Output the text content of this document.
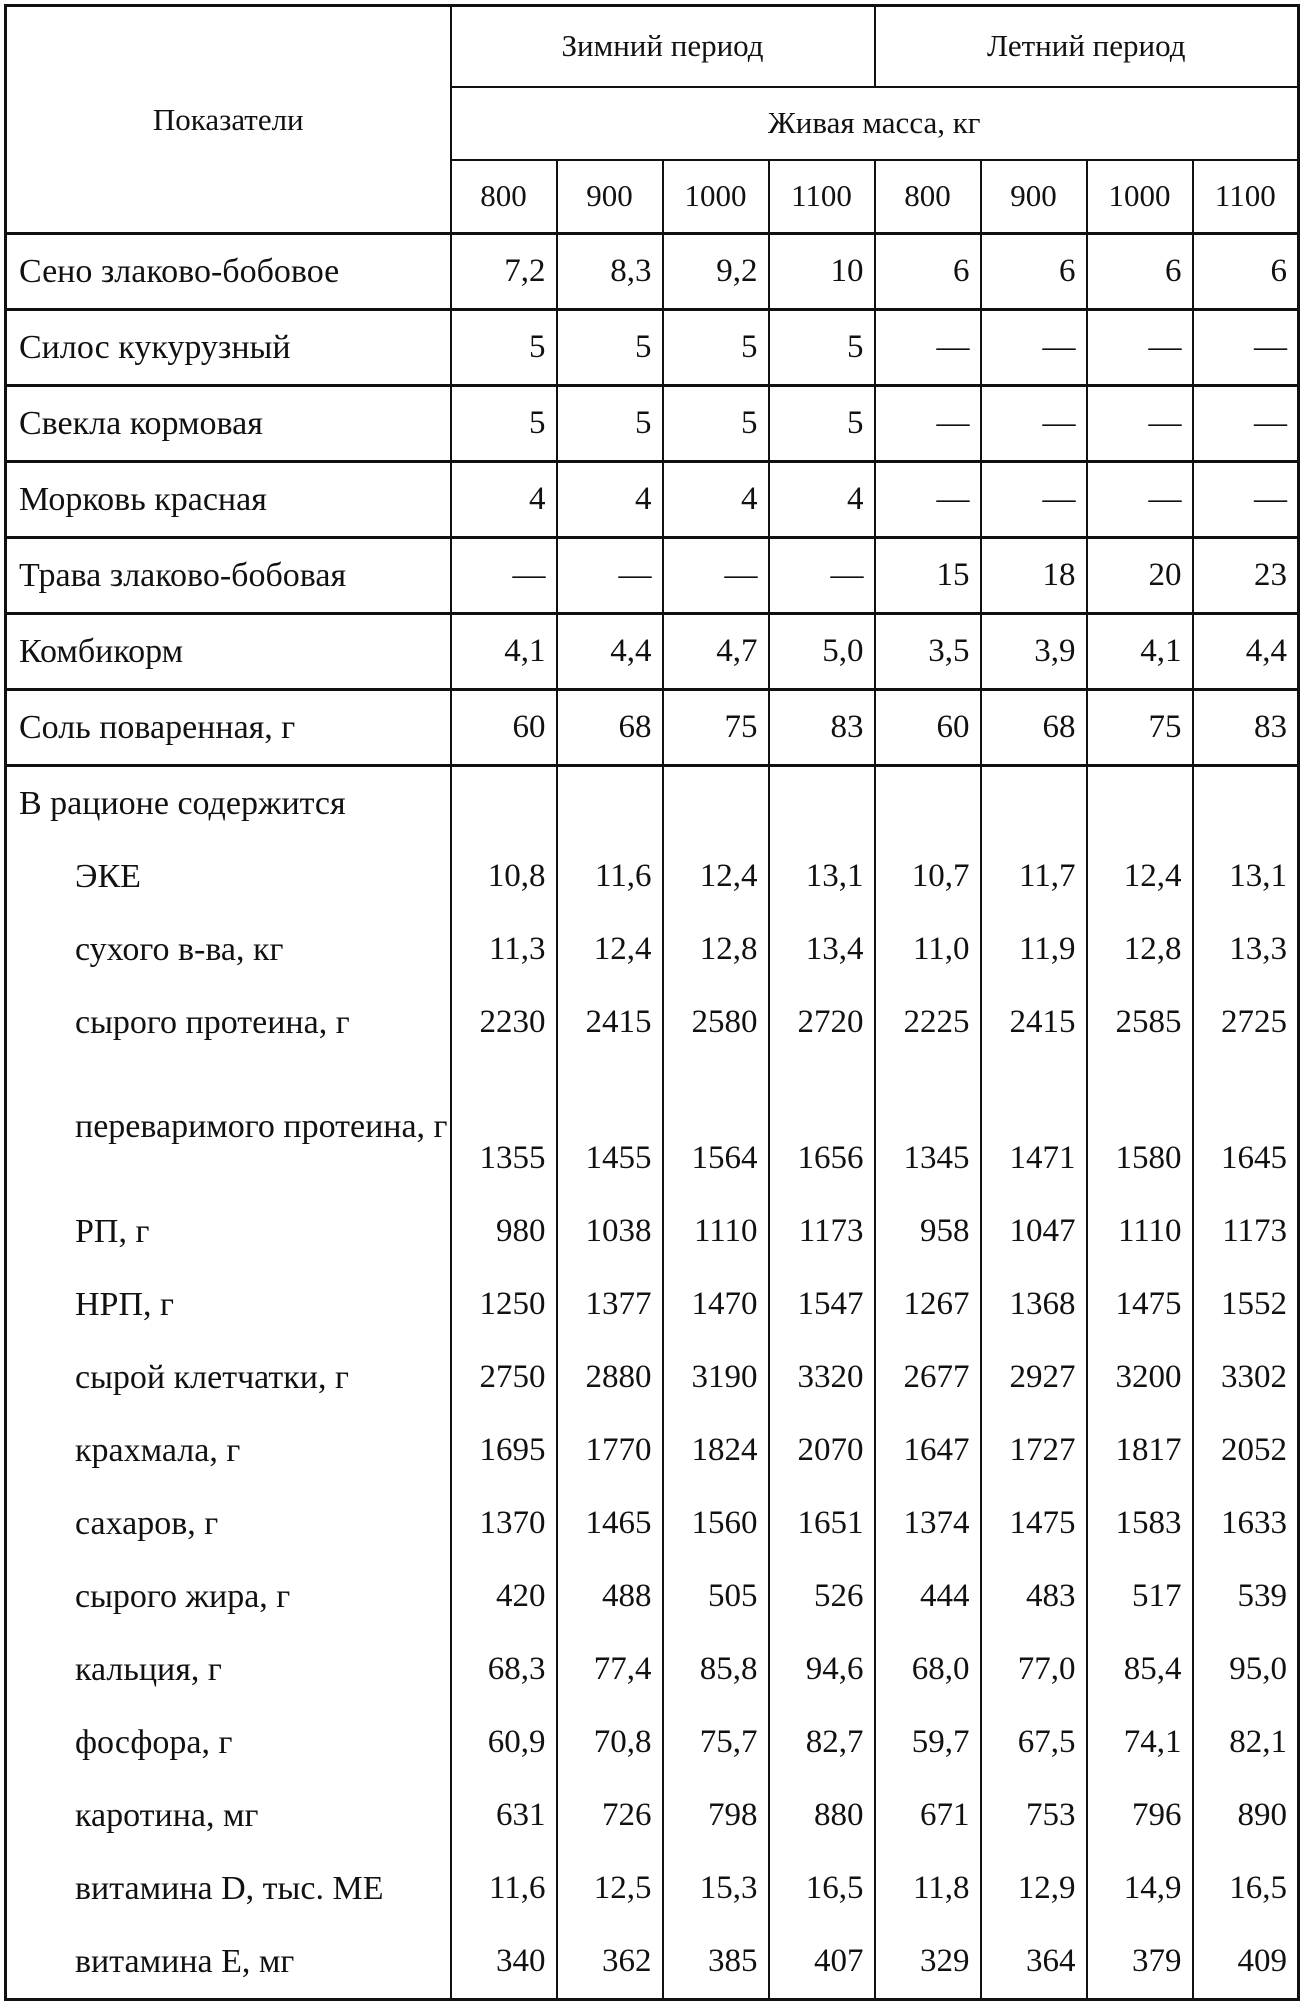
Показатели	Зимний период				Летний период			
	Живая масса, кг							
	800	900	1000	1100	800	900	1000	1100
Сено злаково-бобовое	7,2	8,3	9,2	10	6	6	6	6
Силос кукурузный	5	5	5	5	—	—	—	—
Свекла кормовая	5	5	5	5	—	—	—	—
Морковь красная	4	4	4	4	—	—	—	—
Трава злаково-бобовая	—	—	—	—	15	18	20	23
Комбикорм	4,1	4,4	4,7	5,0	3,5	3,9	4,1	4,4
Соль поваренная, г	60	68	75	83	60	68	75	83
В рационе содержится								
ЭКЕ	10,8	11,6	12,4	13,1	10,7	11,7	12,4	13,1
сухого в-ва, кг	11,3	12,4	12,8	13,4	11,0	11,9	12,8	13,3
сырого протеина, г	2230	2415	2580	2720	2225	2415	2585	2725
переваримого протеина, г	1355	1455	1564	1656	1345	1471	1580	1645
РП, г	980	1038	1110	1173	958	1047	1110	1173
НРП, г	1250	1377	1470	1547	1267	1368	1475	1552
сырой клетчатки, г	2750	2880	3190	3320	2677	2927	3200	3302
крахмала, г	1695	1770	1824	2070	1647	1727	1817	2052
сахаров, г	1370	1465	1560	1651	1374	1475	1583	1633
сырого жира, г	420	488	505	526	444	483	517	539
кальция, г	68,3	77,4	85,8	94,6	68,0	77,0	85,4	95,0
фосфора, г	60,9	70,8	75,7	82,7	59,7	67,5	74,1	82,1
каротина, мг	631	726	798	880	671	753	796	890
витамина D, тыс. МЕ	11,6	12,5	15,3	16,5	11,8	12,9	14,9	16,5
витамина Е, мг	340	362	385	407	329	364	379	409
